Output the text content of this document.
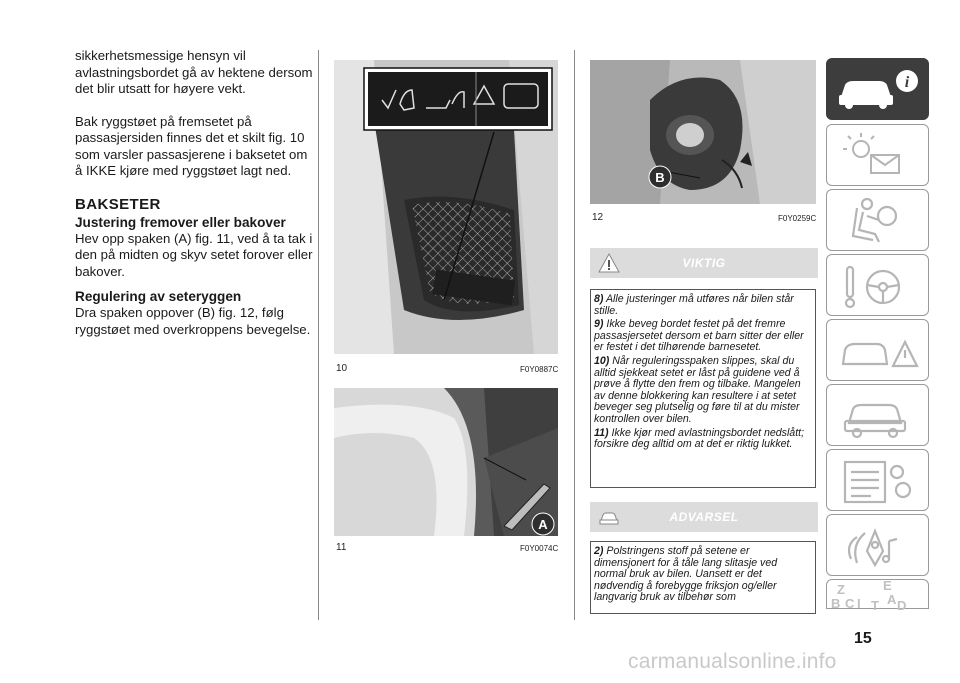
sikkerhetsmessige hensyn vil avlastningsbordet gå av hektene dersom det blir utsatt for høyere vekt.

Bak ryggstøet på fremsetet på passasjersiden finnes det et skilt fig. 10 som varsler passasjerene i baksetet om å IKKE kjøre med ryggstøet lagt ned.

BAKSETER
Justering fremover eller bakover

Hev opp spaken (A) fig. 11, ved å ta tak i den på midten og skyv setet forover eller bakover.

Regulering av seteryggen

Dra spaken oppover (B) fig. 12, følg ryggstøet med overkroppens bevegelse.

10	F0Y0887C
A
11	F0Y0074C
B
12	F0Y0259C
VIKTIG

8) Alle justeringer må utføres når bilen står stille.

9) Ikke beveg bordet festet på det fremre passasjersetet dersom et barn sitter der eller er festet i det tilhørende barnesetet.

10) Når reguleringsspaken slippes, skal du alltid sjekkeat setet er låst på guidene ved å prøve å flytte den frem og tilbake. Mangelen av denne blokkering kan resultere i at setet beveger seg plutselig og føre til at du mister kontrollen over bilen.

11) Ikke kjør med avlastningsbordet nedslått; forsikre deg alltid om at det er riktig lukket.

ADVARSEL

2) Polstringens stoff på setene er dimensjonert for å tåle lang slitasje ved normal bruk av bilen. Uansett er det nødvendig å forebygge friksjon og/eller langvarig bruk av tilbehør som

i
Z	E
B	A
C I	D
T
15
carmanualsonline.info
